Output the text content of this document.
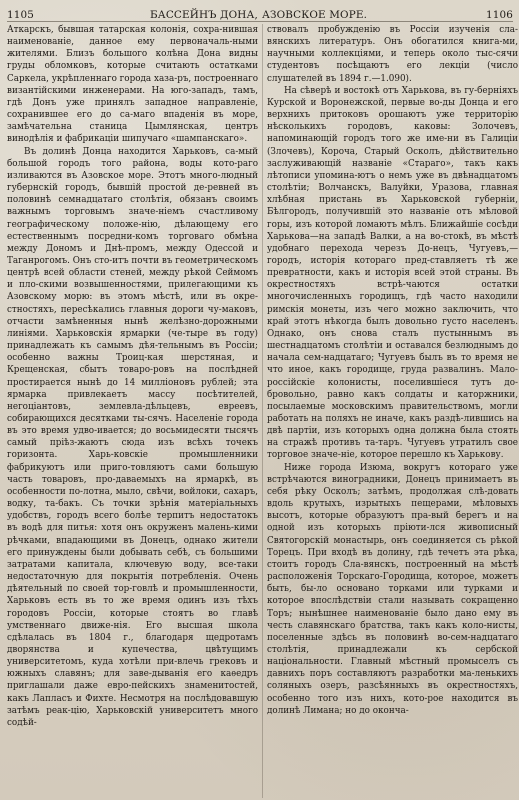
1105	БАССЕЙНЪ ДОНА, АЗОВСКОЕ МОРЕ.	1106

Аткарскъ, бывшая татарская колонія, сохра-нившая наименованіе, данное ему первоначаль-ными жителями. Близъ большого колѣна Дона видны груды обломковъ, которые считають остатками Саркела, укрѣпленнаго города хаза-ръ, построеннаго византійскими инженерами. На юго-западъ, тамъ, гдѣ Донъ уже принялъ западное направленіе, сохранившее его до са-маго впаденія въ море, замѣчательна станица Цымлянская, центръ винодѣлія и фабрикаціи шипучаго «шампанскаго».

Въ долинѣ Донца находится Харьковъ, са-мый большой городъ того района, воды кото-раго изливаются въ Азовское море. Этотъ много-людный губернскій городъ, бывшій простой де-ревней въ половинѣ семнадцатаго столѣтія, обязанъ своимъ важнымъ торговымъ значе-ніемъ счастливому географическому положе-нію, дѣлающему его естественнымъ посредни-комъ торговаго обмѣна между Дономъ и Днѣ-промъ, между Одессой и Таганрогомъ. Онъ сто-итъ почти въ геометрическомъ центрѣ всей области стеней, между рѣкой Сеймомъ и пло-скими возвышенностями, прилегающими къ Азовскому морю: въ этомъ мѣстѣ, или въ окре-стностяхъ, пересѣкались главныя дороги чу-маковъ, отчасти замѣненныя нынѣ желѣзно-дорожными линіями. Харьковскія ярмарки (че-тыре въ году) принадлежать къ самымъ дѣя-тельнымъ въ Россіи; особенно важны Троиц-кая шерстяная, и Крещенская, сбытъ товаро-ровъ на послѣдней простирается нынѣ до 14 милліоновъ рублей; эта ярмарка привлекаетъ массу посѣтителей, негоціантовъ, землевла-дѣльцевъ, евреевъ, собирающихся десятками ты-сячъ. Населеніе города въ это время удво-ивается; до восьмидесяти тысячъ самый пріѣз-жаютъ сюда изъ всѣхъ точекъ горизонта. Харь-ковскіе промышленники фабрикуютъ или приго-товляютъ сами большую часть товаровъ, про-даваемыхъ на ярмаркѣ, въ особенности по-лотна, мыло, свѣчи, войлоки, сахаръ, водку, та-бакъ. Съ точки зрѣнія матеріальныхъ удобствъ, городъ всего болѣе терпитъ недостатокъ въ водѣ для питья: хотя онъ окруженъ малень-кими рѣчками, впадающими въ Донецъ, однако жители его принуждены были добывать себѣ, съ большими затратами капитала, ключевую воду, все-таки недостаточную для покрытія потребленія. Очень дѣятельный по своей тор-говлѣ и промышленности, Харьковъ есть въ то же время одинъ изъ тѣхъ городовъ Россіи, которые стоятъ во главѣ умственнаго движе-нія. Его высшая школа сдѣлалась въ 1804 г., благодаря щедротамъ дворянства и купечества, цвѣтущимъ университетомъ, куда хотѣли при-влечь грековъ и южныхъ славянъ; для заве-дыванія его каѳедръ приглашали даже евро-пейскихъ знаменитостей, какъ Лапласъ и Фихте. Несмотря на послѣдовавшую затѣмъ реак-цію, Харьковскій университетъ много содѣй-

ствовалъ пробужденію въ Россіи изученія сла-вянскихъ литературъ. Онъ обогатился книга-ми, научными коллекціями, и теперь около тыс-сячи студентовъ посѣщаютъ его лекціи (число слушателей въ 1894 г.—1.090).

На сѣверѣ и востокѣ отъ Харькова, въ гу-берніяхъ Курской и Воронежской, первые во-ды Донца и его верхнихъ притоковъ орошаютъ уже территорію нѣсколькихъ городовъ, каковы: Золочевъ, напоминающій городъ того же име-ни въ Галиціи (Злочевъ), Короча, Старый Осколъ, дѣйствительно заслуживающій названіе «Стараго», такъ какъ лѣтописи упомина-ютъ о немъ уже въ двѣнадцатомъ столѣтіи; Волчанскъ, Валуйки, Уразова, главная хлѣбная пристань въ Харьковской губерніи, Бѣлгородъ, получившій это названіе отъ мѣловой горы, изъ которой ломаютъ мѣлъ. Ближайшіе сосѣди Харькова—на западѣ Валки, а на во-стокѣ, въ мѣстѣ удобнаго перехода черезъ До-нецъ, Чугуевъ,—городъ, исторія котораго пред-ставляетъ тѣ же превратности, какъ и исторія всей этой страны. Въ окрестностяхъ встрѣ-чаются остатки многочисленныхъ городищъ, гдѣ часто находили римскія монеты, изъ чего можно заключить, что край этотъ нѣкогда былъ довольно густо населенъ. Однако, онъ снова сталъ пустыннымъ въ шестнадцатомъ столѣтіи и оставался безлюднымъ до начала сем-надцатаго; Чугуевъ былъ въ то время не что иное, какъ городище, груда развалинъ. Мало-россійскіе колонисты, поселившіеся тутъ до-бровольно, равно какъ солдаты и каторжники, посылаемые московскимъ правительствомъ, могли работать на поляхъ не иначе, какъ раздѣ-лившись на двѣ партіи, изъ которыхъ одна должна была стоять на стражѣ противъ та-таръ. Чугуевъ утратилъ свое торговое значе-ніе, которое перешло къ Харькову.

Ниже города Изюма, вокругъ котораго уже встрѣчаются виноградники, Донецъ принимаетъ въ себя рѣку Осколъ; затѣмъ, продолжая слѣ-довать вдоль крутыхъ, изрытыхъ пещерами, мѣловыхъ высотъ, которые образуютъ пра-вый берегъ и на одной изъ которыхъ пріюти-лся живописный Святогорскій монастырь, онъ соединяется съ рѣкой Торецъ. При входѣ въ долину, гдѣ течетъ эта рѣка, стоитъ городъ Сла-вянскъ, построенный на мѣстѣ расположенія Торскаго-Городища, которое, можетъ быть, бы-ло основано торками или турками и которое впослѣдствіи стали называть сокращенно Торъ; нынѣшнее наименованіе было дано ему въ честь славянскаго братства, такъ какъ коло-нисты, поселенные здѣсь въ половинѣ во-сем-надцатаго столѣтія, принадлежали къ сербской національности. Главный мѣстный промыселъ съ давнихъ поръ составляютъ разработки ма-ленькихъ соляныхъ озеръ, разсѣянныхъ въ окрестностяхъ, особенно того изъ нихъ, кото-рое находится въ долинѣ Лимана; но до оконча-
